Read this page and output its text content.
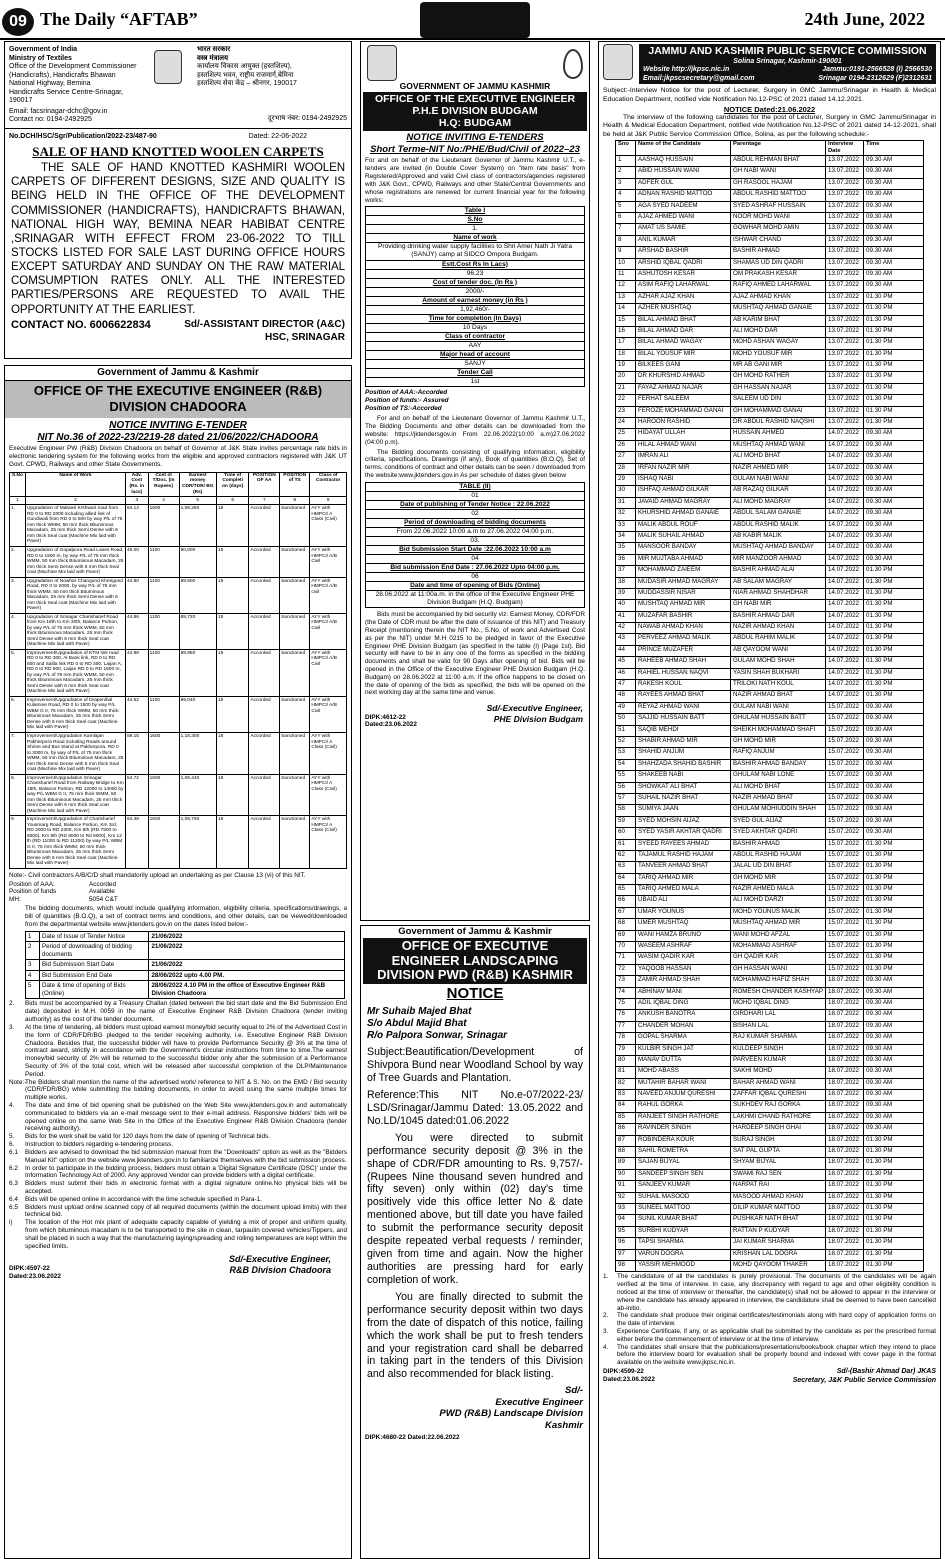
09 The Daily “AFTAB”	24th June, 2022

Government of India

Ministry of Textiles

Office of the Development Commissioner

(Handicrafts), Handicrafts Bhawan

National Highway, Bemina

Handicrafts Service Centre-Srinagar, 190017

भारत सरकार

वस्त्र मंत्रालय

कार्यालय विकास आयुक्त (हस्तशिल्प),

हस्तशिल्प भवन, राष्ट्रीय राजमार्ग,बेमिना

हस्तशिल्प सेवा केंद्र – श्रीनगर, 190017

Email: facsrinagar-dchc@gov.in

Contact no: 0194-2492925	दूरभाष नंबर: 0194-2492925

No.DCH/HSC/Sgr/Publication/2022-23/487-90	Dated: 22-06-2022

SALE OF HAND KNOTTED WOOLEN CARPETS

THE SALE OF HAND KNOTTED KASHMIRI WOOLEN CARPETS OF DIFFERENT DESIGNS, SIZE AND QUALITY IS BEING HELD IN THE OFFICE OF THE DEVELOPMENT COMMISSIONER (HANDICRAFTS), HANDICRAFTS BHAWAN, NATIONAL HIGH WAY, BEMINA NEAR HABIBAT CENTRE ,SRINAGAR WITH EFFECT FROM 23-06-2022 TO TILL STOCKS LISTED FOR SALE LAST DURING OFFICE HOURS EXCEPT SATURDAY AND SUNDAY ON THE RAW MATERIAL COMSUMPTION RATES ONLY. ALL THE INTERESTED PARTIES/PERSONS ARE REQUESTED TO AVAIL THE OPPORTUNITY AT THE EARLIEST.

CONTACT NO. 6006622834	Sd/-ASSISTANT DIRECTOR (A&C)

HSC, SRINAGAR

Government of Jammu & Kashmir

OFFICE OF THE EXECUTIVE ENGINEER (R&B) DIVISION CHADOORA

NOTICE INVITING E-TENDER

NIT No.36 of 2022-23/2219-28 dated 21/06/2022/CHADOORA

Executive Engineer PW (R&B) Division Chadoora on behalf of Governor of J&K State invites percentage rate bids in electronic tendering system for the following works from the eligible and approved contractors registered with J&K UT Govt. CPWD, Railways and other State Governments.

S.No	Name of Work	Adv. Cost (Rs. in lacs)	Cost of T/Doc. (In Rupees)	Earnest money CDR/TDR/ BG (Rs)	Time of Completi on (days)	POSITION OF AA	POSITION of TS	Class of Contractor
1	2	3	4	5	6	7	8	9
1.	Upgradation of Malwari Krshwari road from RD 0 to RD 2000 including allied link of Gundiwali from RD 0 to 500 by way P/L of 75 mm thick WMM, 50 mm thick Bituminous Macadam, 25 mm thick Semi Dense with 6 mm thick Seal coat (Machine Mix laid with Paver)	54.14	1600	1,08,280	18	Accorded	Sanctioned	AYY with HMPCI/ A Class (Civil)
2.	Upgradation of Gopalpora Road Lanes Road, RD 0 to 1500 m, by way P/L of 75 mm thick WMM, 50 mm thick Bituminous Macadam, 25 mm thick Semi Dense with 6 mm thick Seal coat (Machine Mix laid with Paver)	45.00	1100	90,000	15	Accorded	Sanctioned	AYY with HMPCI/ A/B Civil
3.	Upgradation of Nowhar Changund Kherigund Road, RD 0 to 2000, by way P/L of 75 mm thick WMM, 50 mm thick Bituminous Macadam, 25 mm thick Semi Dense with 6 mm thick Seal coat (Machine Mix laid with Paver)	44.80	1100	89,600	15	Accorded	Sanctioned	AYY with HMPCI/ A/B civil
4.	Upgradation of Srinagar Charisharief Road from Km 18th to Km 30th, Balance Portion, by way P/L of 75 mm thick WMM, 50 mm thick Bituminous Macadam, 25 mm thick Semi Dense with 6 mm thick Seal coat (Machine Mix laid with Paver)	44.86	1100	89,720	15	Accorded	Sanctioned	AYY with HMPCI/ A/B Civil
5.	Improvement/Upgradation of KTM link road RD 0 to RD 300, Al Bank link, RD 0 to RD 500 and Sailla link RD 0 to RD 300, Laijan A, RD 0 to RD 600, Laijan RD 0 to RD 1600 m, by way P/L of 75 mm thick WMM, 50 mm thick Bituminous Macadam, 25 mm thick Semi Dense with 6 mm thick Seal coat (Machine Mix laid with Paver)	44.98	1100	89,960	15	Accorded	Sanctioned	AYY with HMPCI/ A/B Civil
6.	Improvement/Upgradation of Drapenihal Kulamine Road, RD 0 to 1500 by way P/L WBM G II, 75 mm thick WMM, 50 mm thick Bituminous Macadam, 25 mm thick Semi Dense with 6 mm thick Seal coat (Machine Mix laid with Paver)	44.52	1100	89,040	15	Accorded	Sanctioned	AYY with HMPCI/ A/B Civil
7.	Improvement/Upgradation Kamlajan Pakherpora Road including Roads around Shrine and Bus Stand at Pakherpora, RD 0 to 3000 m, by way of P/L of 75 mm thick WMM, 50 mm thick Bituminous Macadam, 25 mm thick Semi Dense with 6 mm thick Seal coat (Machine Mix laid with Paver)	59.15	1600	1,18,300	18	Accorded	Sanctioned	AYY with HMPCI/ A Class (Civil)
8.	Improvement/Upgradation Srinagar Charisharief Road from Railway Bridge to Km 18th, Balance Portion, RD 12000 to 14000 by way P/L WBM G II, 75 mm thick WMM, 50 mm thick Bituminous Macadam, 25 mm thick Semi Dense with 6 mm thick Seal coat (Machine Mix laid with Paver)	54.72	1600	1,09,440	18	Accorded	Sanctioned	AYY with HMPCI/ A Class (Civil)
9.	Improvement/Upgradation of Charisharief Yousmarg Road, Balance Portion, Km 3rd, RD 2000 to RD 2300, Km 8th (RD 7500 to 8000), Km 9th (RD 8000 to Rd 9000), Km 12 th (RD 11000 to RD 11200) by way P/L WBM G II, 75 mm thick WMM, 50 mm thick Bituminous Macadam, 25 mm thick Semi Dense with 6 mm thick Seal coat (Machine Mix laid with Paver)	54.38	1600	1,08,760	18	Accorded	Sanctioned	AYY with HMPCI/ A Class (Civil)

Note:- Civil contractors A/B/C/D shall mandatorily upload an undertaking as per Clause 13 (vi) of this NIT.

Position of AAA:	Accorded
Position of funds	Available
MH:	5054 C&T

The bidding documents, which would include qualifying information, eligibility criteria, specifications/drawings, a bill of quantities (B.O.Q), a set of contract terms and conditions, and other details, can be viewed/downloaded from the departmental website www.jktenders.gov.in on the dates listed below:-

1	Date of Issue of Tender Notice	21/06/2022
2	Period of downloading of bidding documents	21/06/2022
3	Bid Submission Start Date	21/06/2022
4	Bid Submission End Date	28/06/2022 upto 4.00 PM.
5	Date & time of opening of Bids (Online)	28/06/2022 4.10 PM in the office of Executive Engineer R&B Division Chadoora
2.	Bids must be accompanied by a Treasury Challan (dated between the bid start date and the Bid Submission End date) deposited in M.H. 0059 in the name of Executive Engineer R&B Division Chadoora (tender inviting authority) as the cost of the tender document.
3.	At the time of tendering, all bidders must upload earnest money/bid security equal to 2% of the Advertised Cost in the form of CDR/FDR/BG pledged to the tender receiving authority, i.e. Executive Engineer R&B Division Chadoora. Besides that, the successful bidder will have to provide Performance Security @ 3% at the time of contract award, strictly in accordance with the Government's circular instructions from time to time.The earnest money/bid security of 2% will be returned to the successful bidder only after the submission of a Performance Security of 3% of the total cost, which will be released after successful completion of the DLP/Maintenance Period.
Note:-
The Bidders shall mention the name of the advertised work/ reference to NIT & S. No. on the EMD / Bid security (CDR/FDR/BG) while submitting the bidding documents, in order to avoid using the same multiple times for multiple works.
4.	The date and time of bid opening shall be published on the Web Site www.jktenders.gov.in and automatically communicated to bidders via an e-mail message sent to their e-mail address. Responsive bidders' bids will be opened online on the same Web Site in the Office of the Executive Engineer R&B Division Chadoora (tender receiving authority).
5.	Bids for the work shall be valid for 120 days from the date of opening of Technical bids.
6.	Instruction to bidders regarding e-tendering process.
6.1	Bidders are advised to download the bid submission manual from the "Downloads" option as well as the "Bidders Manual Kit" option on the website www.jktenders.gov.in to familiarize themselves with the bid submission process.
6.2	In order to participate in the bidding process, bidders must obtain a 'Digital Signature Certificate (DSC)' under the Information Technology Act of 2000. Any approved Vendor can provide bidders with a digital certificate.
6.3	Bidders must submit their bids in electronic format with a digital signature online.No physical bids will be accepted.
6.4	Bids will be opened online in accordance with the time schedule specified in Para-1.
6.5	Bidders must upload online scanned copy of all required documents (within the document upload limits) with their technical bid.
i)	The location of the Hot mix plant of adequate capacity capable of yielding a mix of proper and uniform quality, from which bituminous macadam is to be transported to the site in clean, tarpaulin covered vehicles/Tippers, and shall be placed in such a way that the manufacturing laying/spreading and rolling temperatures are kept within the specified limits.

Sd/-Executive Engineer,

DIPK:4597-22

Dated:23.06.2022

R&B Division Chadoora

GOVERNMENT OF JAMMU KASHMIR

OFFICE OF THE EXECUTIVE ENGINEER P.H.E DIVISION BUDGAM

H.Q: BUDGAM

NOTICE INVITING E-TENDERS

Short Terme-NIT No:/PHE/Bud/Civil of 2022–23

For and on behalf of the Lieutenant Governor of Jammu Kashmir U.T., e-tenders are invited (in Double Cover System) on "item rate basis" from Registered/Approved and valid Civil class of contractors/agencies registered with J&K Govt., CPWD, Railways and other State/Central Governments and whose registrations are renewed for current financial year for the following works:

Table I
S.No
1.
Name of work
Providing drinking water supply facilities to Shri Amer Nath Ji Yatra (SANJY) camp at SIDCO Ompora Budgam.
Estt.Cost Rs In Lacs)
96.23
Cost of tender doc. (In Rs )
2000/-
Amount of earnest money (in Rs )
1,92,460/-
Time for completion (In Days)
10 Days
Class of contractor
AAY
Major head of account
SANJY
Tender Call
1st

Position of AAA:-Accorded

Position of funds:- Assured

Position of TS:-Accorded

For and on behalf of the Lieutenant Governor of Jammu Kashmir U.T., The Bidding Documents and other details can be downloaded from the website: https://jktendersgov.in From 22.06.2022(10:00 a.m)27.06.2022 (04:00 p.m).

The Bidding documents consisting of qualifying information, eligibility criteria, specifications, Drawings (if any), Book of quantities (B.O.Q), Set of terms, conditions of contract and other details can be seen / downloaded from the website:www.jktenders.gov.in As per schedule of dates given below

TABLE (II)
01
Date of publishing of Tender Notice : 22.06.2022
02
Period of downloading of bidding documents
From 22.06.2022 10:00 a.m to 27.06.2022 04:00 p.m.
03.
Bid Submission Start Date :22.06.2022 10:00 a.m
04
Bid submission End Date : 27.06.2022 Upto 04:00 p.m.
06
Date and time of opening of Bids (Online)
28.06.2022 at 11:00a.m. in the office of the Executive Engineer PHE Division Budgam (H.Q. Budgam)

Bids must be accompanied by bid security viz: Earnest Money, CDR/FDR (the Date of CDR must be after the date of issuance of this NIT) and Treasury Receipt (mentioning therein the NIT No., S.No. of work and Advertised Cost as per the NIT) under M.H 0215 to be pledged in favor of the Executive Engineer PHE Division Budgam (as specified in the table (I) (Page 1st). Bid security will have to be in any one of the forms as specified in the bidding documents and shall be valid for 90 Days after opening of bid. Bids will be opened in the Office of the Executive Engineer PHE Division Budgam (H.Q. Budgam) on 28.06.2022 at 11:00 a.m. If the office happens to be closed on the date of opening of the bids as specified, the bids will be opened on the next working day at the same time and venue.

Sd/-Executive Engineer,

DIPK:4612-22

Dated:23.06.2022

PHE Division Budgam

Government of Jammu & Kashmir

OFFICE OF EXECUTIVE ENGINEER LANDSCAPING DIVISION PWD (R&B) KASHMIR

NOTICE

Mr Suhaib Majed Bhat

S/o Abdul Majid Bhat

R/o Palpora Sonwar, Srinagar

Subject:Beautification/Development of Shivpora Bund near Woodland School by way of Tree Guards and Plantation.

Reference:This NIT No.e-07/2022-23/ LSD/Srinagar/Jammu Dated: 13.05.2022 and No.LD/1045 dated:01.06.2022

You were directed to submit performance security deposit @ 3% in the shape of CDR/FDR amounting to Rs. 9,757/- (Rupees Nine thousand seven hundred and fifty seven) only within (02) day's time positively vide this office letter No & date mentioned above, but till date you have failed to submit the performance security deposit despite repeated verbal requests / reminder, given from time and again. Now the higher authorities are pressing hard for early completion of work.

You are finally directed to submit the performance security deposit within two days from the date of dispatch of this notice, failing which the work shall be put to fresh tenders and your registration card shall be debarred in taking part in the tenders of this Division and also recommended for black listing.

Sd/-

Executive Engineer

PWD (R&B) Landscape Division

Kashmir

DIPK:4680-22 Dated:22.06.2022

JAMMU AND KASHMIR PUBLIC SERVICE COMMISSION

Solina Srinagar, Kashmir-190001

Website http://jkpsc.nic.in	Jammu:0191-2566528 (I) 2566530
Email:jkpscsecretary@gmail.com	Srinagar 0194-2312629 (F)2312631

Subject:-Interview Notice for the post of Lecturer, Surgery in GMC Jammu/Srinagar in Health & Medical Education Department, notified vide Notification No.12-PSC of 2021 dated 14.12.2021.

NOTICE Dated:21.06.2022

The interview of the following candidates for the post of Lecturer, Surgery in GMC Jammu/Srinagar in Health & Medical Education Department, notified vide Notification No.12-PSC of 2021 dated 14-12-2021, shall be held at J&K Public Service Commission Office, Solina, as per the following schedule:-

Sno	Name of the Candidate	Parentage	Interview Date	Time
1	AASHAQ HUSSAIN	ABDUL REHMAN BHAT	13.07.2022	09.30 AM
2	ABID HUSSAIN WANI	GH NABI WANI	13.07.2022	09.30 AM
3	ADFER GUL	GH RASOOL HAJAM	13.07.2022	09.30 AM
4	ADNAN RASHID MATTOO	ABDUL RASHID MATTOO	13.07.2022	09.30 AM
5	AGA SYED NADEEM	SYED ASHRAF HUSSAIN	13.07.2022	09.30 AM
6	AJAZ AHMED WANI	NOOR MOHD WANI	13.07.2022	09.30 AM
7	AMAT US SAMIE	GOWHAR MOHD AMIN	13.07.2022	09.30 AM
8	ANIL KUMAR	ISHWAR CHAND	13.07.2022	09.30 AM
9	ARSHAD BASHIR	BASHIR AHMAD	13.07.2022	09.30 AM
10	ARSHID IQBAL QADRI	SHAMAS UD DIN QADRI	13.07.2022	09.30 AM
11	ASHUTOSH KESAR	OM PRAKASH KESAR	13.07.2022	09.30 AM
12	ASIM RAFIQ LAHARWAL	RAFIQ AHMED LAHARWAL	13.07.2022	09.30 AM
13	AZHAR AJAZ KHAN	AJAZ AHMAD KHAN	13.07.2022	01.30 PM
14	AZHER MUSHTAQ	MUSHTAQ AHMAD GANAIE	13.07.2022	01.30 PM
15	BILAL AHMAD BHAT	AB KARIM BHAT	13.07.2022	01.30 PM
16	BILAL AHMAD DAR	ALI MOHD DAR	13.07.2022	01.30 PM
17	BILAL AHMAD WAGAY	MOHD ASHAN WAGAY	13.07.2022	01.30 PM
18	BILAL YOUSUF MIR	MOHD YOUSUF MIR	13.07.2022	01.30 PM
19	BILKEES GANI	MR AB GANI MIR	13.07.2022	01.30 PM
20	DR KHURSHID AHMAD	GH MOHD RATHER	13.07.2022	01.30 PM
21	FAYAZ AHMAD NAJAR	GH HASSAN NAJAR	13.07.2022	01.30 PM
22	FERHAT SALEEM	SALEEM UD DIN	13.07.2022	01.30 PM
23	FEROZE MOHAMMAD GANAI	GH MOHAMMAD GANAI	13.07.2022	01.30 PM
24	HAROON RASHID	DR ABDUL RASHID NAQSHI	13.07.2022	01.30 PM
25	HIDAYAT ULLAH	HUSSAIN AHMED	14.07.2022	09.30 AM
26	HILAL AHMAD WANI	MUSHTAQ AHMAD WANI	14.07.2022	09.30 AM
27	IMRAN ALI	ALI MOHD BHAT	14.07.2022	09.30 AM
28	IRFAN NAZIR MIR	NAZIR AHMED MIR	14.07.2022	09.30 AM
29	ISHAQ NABI	GULAM NABI WANI	14.07.2022	09.30 AM
30	ISHFAQ AHMAD GILKAR	AB RAZAQ GILKAR	14.07.2022	09.30 AM
31	JAVAID AHMAD MAGRAY	ALI MOHD MAGRAY	14.07.2022	09.30 AM
32	KHURSHID AHMAD GANAIE	ABDUL SALAM GANAIE	14.07.2022	09.30 AM
33	MALIK ABDUL ROUF	ABDUL RASHID MALIK	14.07.2022	09.30 AM
34	MALIK SUHAIL AHMAD	AB KABIR MALIK	14.07.2022	09.30 AM
35	MANSOOR BANDAY	MUSHTAQ AHMAD BANDAY	14.07.2022	09.30 AM
36	MIR MUJTABA AHMAD	MIR MANZOOR AHMAD	14.07.2022	09.30 AM
37	MOHAMMAD ZAIEEM	BASHIR AHMAD ALAI	14.07.2022	01.30 PM
38	MUDASIR AHMAD MAGRAY	AB SALAM MAGRAY	14.07.2022	01.30 PM
39	MUDDASSIR NISAR	NIAR AHMAD SHAHDHAR	14.07.2022	01.30 PM
40	MUSHTAQ AHMAD MIR	GH NABI MIR	14.07.2022	01.30 PM
41	MUZAFAR BASHIR	BASHIR AHMAD DAR	14.07.2022	01.30 PM
42	NAWAB AHMAD KHAN	NAZIR AHMAD KHAN	14.07.2022	01.30 PM
43	PERVEEZ AHMAD MALIK	ABDUL RAHIM MALIK	14.07.2022	01.30 PM
44	PRINCE MUZAFER	AB QAYOOM WANI	14.07.2022	01.30 PM
45	RAHEEB AHMAD SHAH	GULAM MOHD SHAH	14.07.2022	01.30 PM
46	RAHIEL HUSSAN NAQVI	YASIN SHAH BUKHARI	14.07.2022	01.30 PM
47	RAKESH KOUL	TRILOKI NATH KOUL	14.07.2022	01.30 PM
48	RAYEES AHMAD BHAT	NAZIR AHMAD BHAT	14.07.2022	01.30 PM
49	REYAZ AHMAD WANI	GULAM NABI WANI	15.07.2022	09.30 AM
50	SAJJID HUSSAIN BATT	GHULAM HUSSAIN BATT	15.07.2022	09.30 AM
51	SAQIB MEHDI	SHEIKH MOHAMMAD SHAFI	15.07.2022	09.30 AM
52	SHABIR AHMAD MIR	GH MOHD MIR	15.07.2022	09.30 AM
53	SHAHID ANJUM	RAFIQ ANJUM	15.07.2022	09.30 AM
54	SHAHZADA SHAHID BASHIR	BASHIR AHMAD BANDAY	15.07.2022	09.30 AM
55	SHAKEEB NABI	GHULAM NABI LONE	15.07.2022	09.30 AM
56	SHOWKAT ALI BHAT	ALI MOHD BHAT	15.07.2022	09.30 AM
57	SUHAIL NAZIR BHAT	NAZIR AHMAD BHAT	15.07.2022	09.30 AM
58	SUMIYA JAAN	GHULAM MOHIUDDIN SHAH	15.07.2022	09.30 AM
59	SYED MOHSIN AIJAZ	SYED GUL AIJAZ	15.07.2022	09.30 AM
60	SYED YASIR AKHTAR QADRI	SYED AKHTAR QADRI	15.07.2022	09.30 AM
61	SYEED RAYEES AHMAD	BASHIR AHMAD	15.07.2022	01.30 PM
62	TAJAMUL RASHID HAJAM	ABDUL RASHID HAJAM	15.07.2022	01.30 PM
63	TANVEER AHMAD BHAT	JALAL UD DIN BHAT	15.07.2022	01.30 PM
64	TARIQ AHMAD MIR	GH MOHD MIR	15.07.2022	01.30 PM
65	TARIQ AHMED MALA	NAZIR AHMED MALA	15.07.2022	01.30 PM
66	UBAID ALI	ALI MOHD DARZI	15.07.2022	01.30 PM
67	UMAR YOUNUS	MOHD YOUNUS MALIK	15.07.2022	01.30 PM
68	UMER MUSHTAQ	MUSHTAQ AHMAD MIR	15.07.2022	01.30 PM
69	WANI HAMZA BRUNO	WANI MOHD AFZAL	15.07.2022	01.30 PM
70	WASEEM ASHRAF	MOHAMMAD ASHRAF	15.07.2022	01.30 PM
71	WASIM QADIR KAR	GH QADIR KAR	15.07.2022	01.30 PM
72	YAQOOB HASSAN	GH HASSAN WANI	15.07.2022	01.30 PM
73	ZAMIR AHMAD SHAH	MOHAMMAD HAFIZ SHAH	18.07.2022	09.30 AM
74	ABHINAV MANI	ROMESH CHANDER KASHYAP	18.07.2022	09.30 AM
75	ADIL IQBAL DING	MOHD IQBAL DING	18.07.2022	09.30 AM
76	ANKUSH BANOTRA	GIRDHARI LAL	18.07.2022	09.30 AM
77	CHANDER MOHAN	BISHAN LAL	18.07.2022	09.30 AM
78	GOPAL SHARMA	RAJ KUMAR SHARMA	18.07.2022	09.30 AM
79	KULBIR SINGH JAT	KULDEEP SINGH	18.07.2022	09.30 AM
80	MANAV DUTTA	PARVEEN KUMAR	18.07.2022	09.30 AM
81	MOHD ABASS	SAKHI MOHD	18.07.2022	09.30 AM
82	MUTAHIR BAHAR WANI	BAHAR AHMAD WANI	18.07.2022	09.30 AM
83	NAVEED ANJUM QURESHI	ZAFFAR IQBAL QURESHI	18.07.2022	09.30 AM
84	RAHUL GORKA	SUKHDEV RAJ GORKA	18.07.2022	09.30 AM
85	RANJEET SINGH RATHORE	LAKHMI CHAND RATHORE	18.07.2022	09.30 AM
86	RAVINDER SINGH	HARDEEP SINGH GHAI	18.07.2022	09.30 AM
87	ROBINDERA KOUR	SURAJ SINGH	18.07.2022	01.30 PM
88	SAHIL ROMETRA	SAT PAL GUPTA	18.07.2022	01.30 PM
89	SAJAN BIJYAL	SHYAM BIJYAL	18.07.2022	01.30 PM
90	SANDEEP SINGH SEN	SWAMI RAJ SEN	18.07.2022	01.30 PM
91	SANJEEV KUMAR	NARPAT RAI	18.07.2022	01.30 PM
92	SUHAIL MASOOD	MASOOD AHMAD KHAN	18.07.2022	01.30 PM
93	SUNEEL MATTOO	DILIP KUMAR MATTOO	18.07.2022	01.30 PM
94	SUNIL KUMAR BHAT	PUSHKAR NATH BHAT	18.07.2022	01.30 PM
95	SURBHI KUDYAR	RATTAN P KUDYAR	18.07.2022	01.30 PM
96	TAPSI SHARMA	JAI KUMAR SHARMA	18.07.2022	01.30 PM
97	VARUN DOGRA	KRISHAN LAL DOGRA	18.07.2022	01.30 PM
98	YASSIR MEHMOOD	MOHD QAYOOM THAKER	18.07.2022	01.30 PM
1.	The candidature of all the candidates is purely provisional. The documents of the candidates will be again verified at the time of interview. In case, any discrepancy with regard to age and other eligibility condition is noticed at the time of interview or thereafter, the candidate(s) shall not be allowed to appear in the interview or where the candidate has already appeared in interview, the candidature shall be deemed to have been cancelled ab-initio.
2.	The candidate shall produce their original certificates/testimonials along with hard copy of application forms on the date of interview.
3.	Experience Certificate, if any, or as applicable shall be submitted by the candidate as per the prescribed format either before the commencement of interview or at the time of interview.
4.	The candidates shall ensure that the publications/presentations/books/book chapter which they intend to place before the interview board for evaluation shall be properly bound and indexed with cover page in the format available on the website www.jkpsc.nic.in.

DIPK:4599-22

Dated:23.06.2022

Sd/-(Bashir Ahmad Dar) JKAS

Secretary, J&K Public Service Commission
